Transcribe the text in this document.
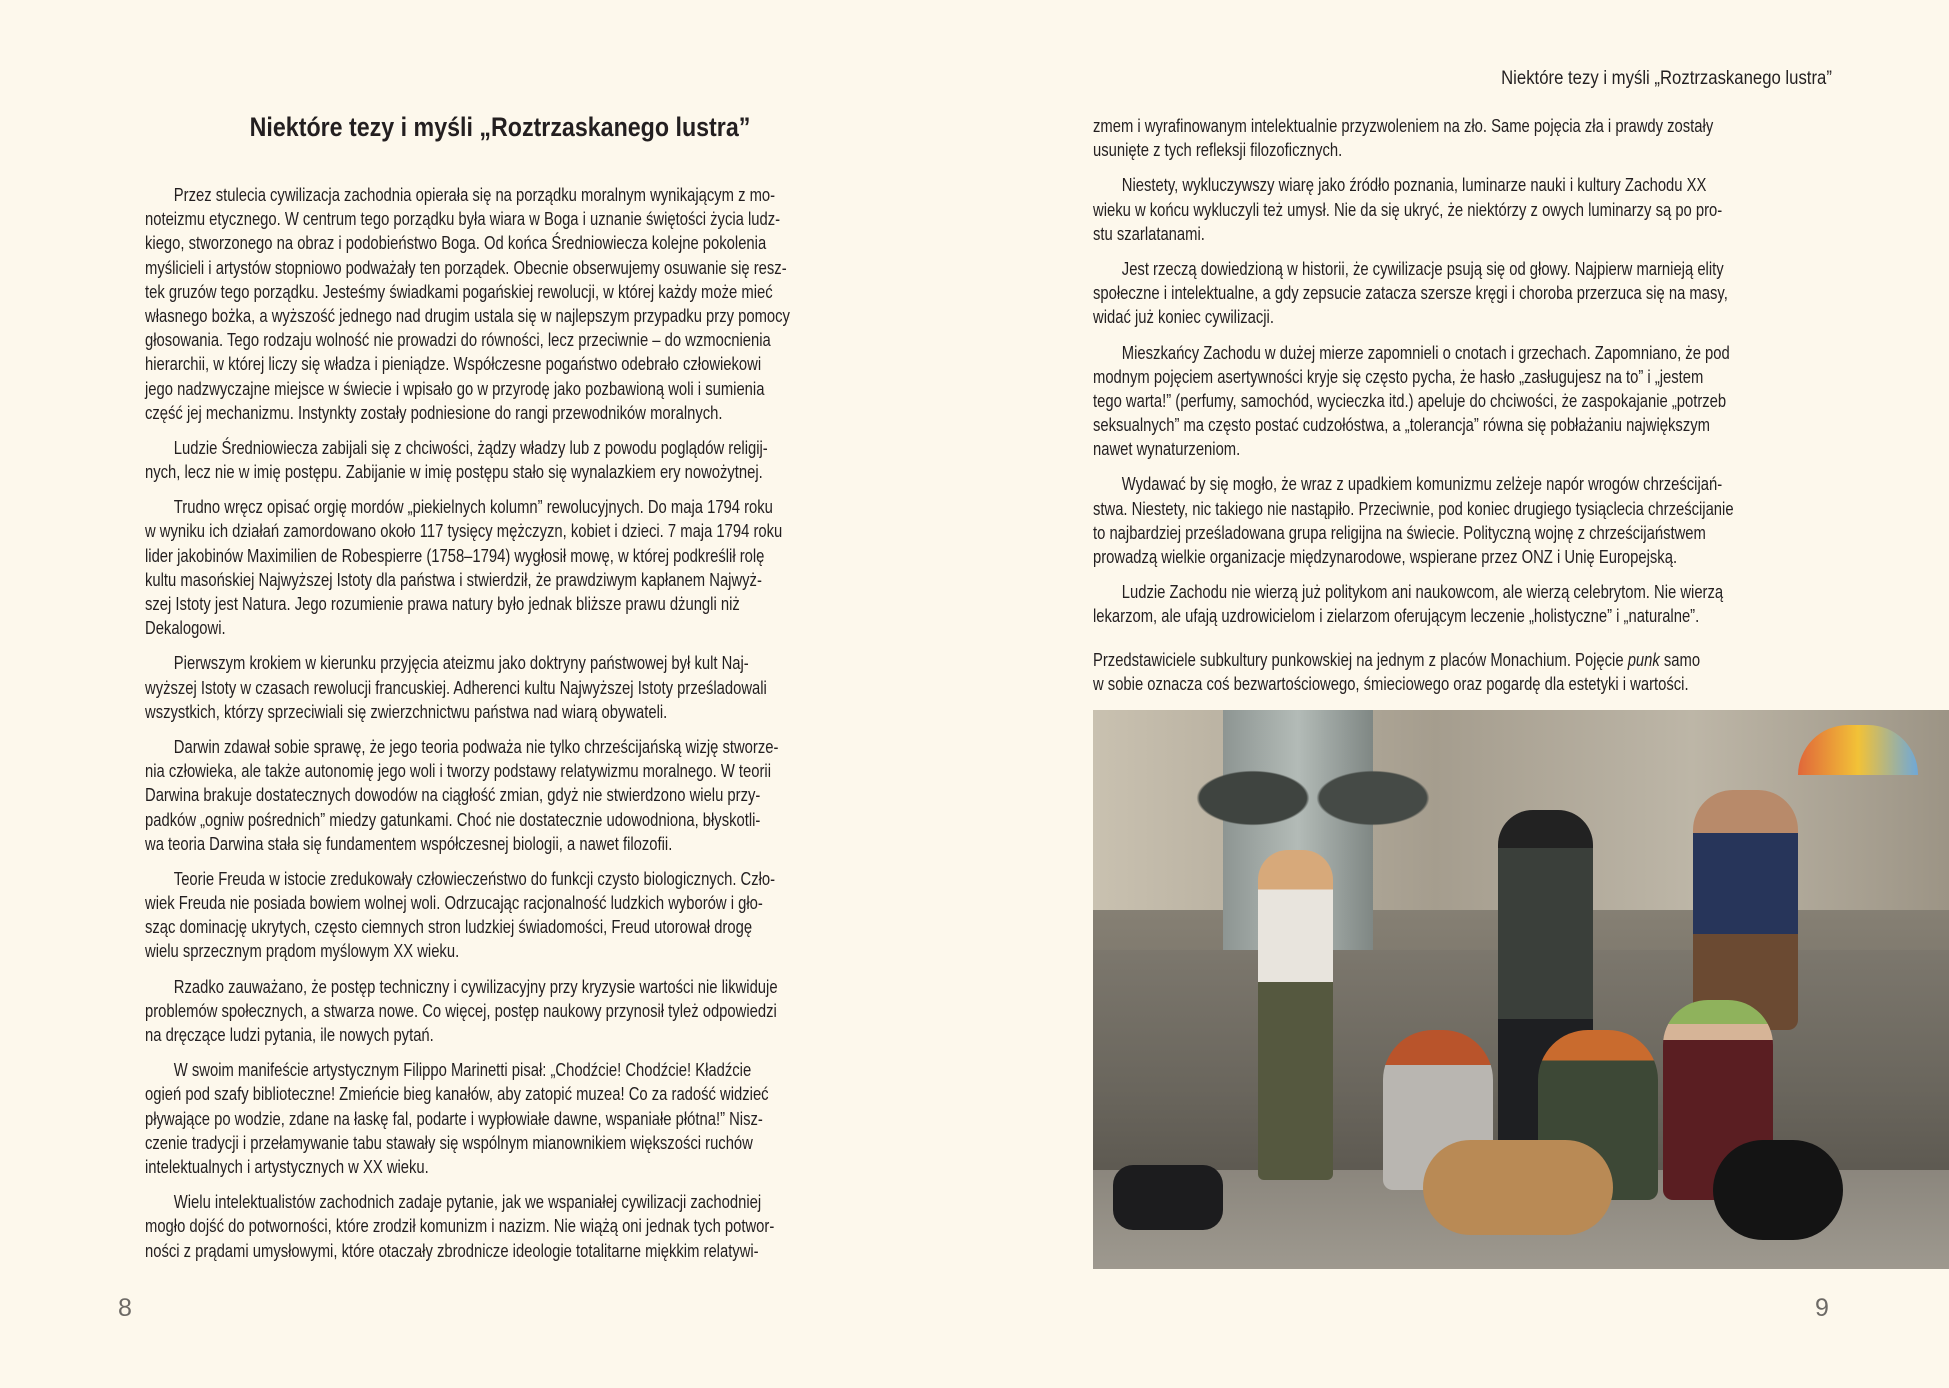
Niektóre tezy i myśli „Roztrzaskanego lustra”
Niektóre tezy i myśli „Roztrzaskanego lustra”
Przez stulecia cywilizacja zachodnia opierała się na porządku moralnym wynikającym z mo-
noteizmu etycznego. W centrum tego porządku była wiara w Boga i uznanie świętości życia ludz-
kiego, stworzonego na obraz i podobieństwo Boga. Od końca Średniowiecza kolejne pokolenia
myślicieli i artystów stopniowo podważały ten porządek. Obecnie obserwujemy osuwanie się resz-
tek gruzów tego porządku. Jesteśmy świadkami pogańskiej rewolucji, w której każdy może mieć
własnego bożka, a wyższość jednego nad drugim ustala się w najlepszym przypadku przy pomocy
głosowania. Tego rodzaju wolność nie prowadzi do równości, lecz przeciwnie – do wzmocnienia
hierarchii, w której liczy się władza i pieniądze. Współczesne pogaństwo odebrało człowiekowi
jego nadzwyczajne miejsce w świecie i wpisało go w przyrodę jako pozbawioną woli i sumienia
część jej mechanizmu. Instynkty zostały podniesione do rangi przewodników moralnych.
Ludzie Średniowiecza zabijali się z chciwości, żądzy władzy lub z powodu poglądów religij-
nych, lecz nie w imię postępu. Zabijanie w imię postępu stało się wynalazkiem ery nowożytnej.
Trudno wręcz opisać orgię mordów „piekielnych kolumn” rewolucyjnych. Do maja 1794 roku
w wyniku ich działań zamordowano około 117 tysięcy mężczyzn, kobiet i dzieci. 7 maja 1794 roku
lider jakobinów Maximilien de Robespierre (1758–1794) wygłosił mowę, w której podkreślił rolę
kultu masońskiej Najwyższej Istoty dla państwa i stwierdził, że prawdziwym kapłanem Najwyż-
szej Istoty jest Natura. Jego rozumienie prawa natury było jednak bliższe prawu dżungli niż
Dekalogowi.
Pierwszym krokiem w kierunku przyjęcia ateizmu jako doktryny państwowej był kult Naj-
wyższej Istoty w czasach rewolucji francuskiej. Adherenci kultu Najwyższej Istoty prześladowali
wszystkich, którzy sprzeciwiali się zwierzchnictwu państwa nad wiarą obywateli.
Darwin zdawał sobie sprawę, że jego teoria podważa nie tylko chrześcijańską wizję stworze-
nia człowieka, ale także autonomię jego woli i tworzy podstawy relatywizmu moralnego. W teorii
Darwina brakuje dostatecznych dowodów na ciągłość zmian, gdyż nie stwierdzono wielu przy-
padków „ogniw pośrednich” miedzy gatunkami. Choć nie dostatecznie udowodniona, błyskotli-
wa teoria Darwina stała się fundamentem współczesnej biologii, a nawet filozofii.
Teorie Freuda w istocie zredukowały człowieczeństwo do funkcji czysto biologicznych. Czło-
wiek Freuda nie posiada bowiem wolnej woli. Odrzucając racjonalność ludzkich wyborów i gło-
sząc dominację ukrytych, często ciemnych stron ludzkiej świadomości, Freud utorował drogę
wielu sprzecznym prądom myślowym XX wieku.
Rzadko zauważano, że postęp techniczny i cywilizacyjny przy kryzysie wartości nie likwiduje
problemów społecznych, a stwarza nowe. Co więcej, postęp naukowy przynosił tyleż odpowiedzi
na dręczące ludzi pytania, ile nowych pytań.
W swoim manifeście artystycznym Filippo Marinetti pisał: „Chodźcie! Chodźcie! Kładźcie
ogień pod szafy biblioteczne! Zmieńcie bieg kanałów, aby zatopić muzea! Co za radość widzieć
pływające po wodzie, zdane na łaskę fal, podarte i wypłowiałe dawne, wspaniałe płótna!” Nisz-
czenie tradycji i przełamywanie tabu stawały się wspólnym mianownikiem większości ruchów
intelektualnych i artystycznych w XX wieku.
Wielu intelektualistów zachodnich zadaje pytanie, jak we wspaniałej cywilizacji zachodniej
mogło dojść do potworności, które zrodził komunizm i nazizm. Nie wiążą oni jednak tych potwor-
ności z prądami umysłowymi, które otaczały zbrodnicze ideologie totalitarne miękkim relatywi-
zmem i wyrafinowanym intelektualnie przyzwoleniem na zło. Same pojęcia zła i prawdy zostały
usunięte z tych refleksji filozoficznych.
Niestety, wykluczywszy wiarę jako źródło poznania, luminarze nauki i kultury Zachodu XX
wieku w końcu wykluczyli też umysł. Nie da się ukryć, że niektórzy z owych luminarzy są po pro-
stu szarlatanami.
Jest rzeczą dowiedzioną w historii, że cywilizacje psują się od głowy. Najpierw marnieją elity
społeczne i intelektualne, a gdy zepsucie zatacza szersze kręgi i choroba przerzuca się na masy,
widać już koniec cywilizacji.
Mieszkańcy Zachodu w dużej mierze zapomnieli o cnotach i grzechach. Zapomniano, że pod
modnym pojęciem asertywności kryje się często pycha, że hasło „zasługujesz na to” i „jestem
tego warta!” (perfumy, samochód, wycieczka itd.) apeluje do chciwości, że zaspokajanie „potrzeb
seksualnych” ma często postać cudzołóstwa, a „tolerancja” równa się pobłażaniu największym
nawet wynaturzeniom.
Wydawać by się mogło, że wraz z upadkiem komunizmu zelżeje napór wrogów chrześcijań-
stwa. Niestety, nic takiego nie nastąpiło. Przeciwnie, pod koniec drugiego tysiąclecia chrześcijanie
to najbardziej prześladowana grupa religijna na świecie. Polityczną wojnę z chrześcijaństwem
prowadzą wielkie organizacje międzynarodowe, wspierane przez ONZ i Unię Europejską.
Ludzie Zachodu nie wierzą już politykom ani naukowcom, ale wierzą celebrytom. Nie wierzą
lekarzom, ale ufają uzdrowicielom i zielarzom oferującym leczenie „holistyczne” i „naturalne”.
Przedstawiciele subkultury punkowskiej na jednym z placów Monachium. Pojęcie punk samo
w sobie oznacza coś bezwartościowego, śmieciowego oraz pogardę dla estetyki i wartości.
8	9
